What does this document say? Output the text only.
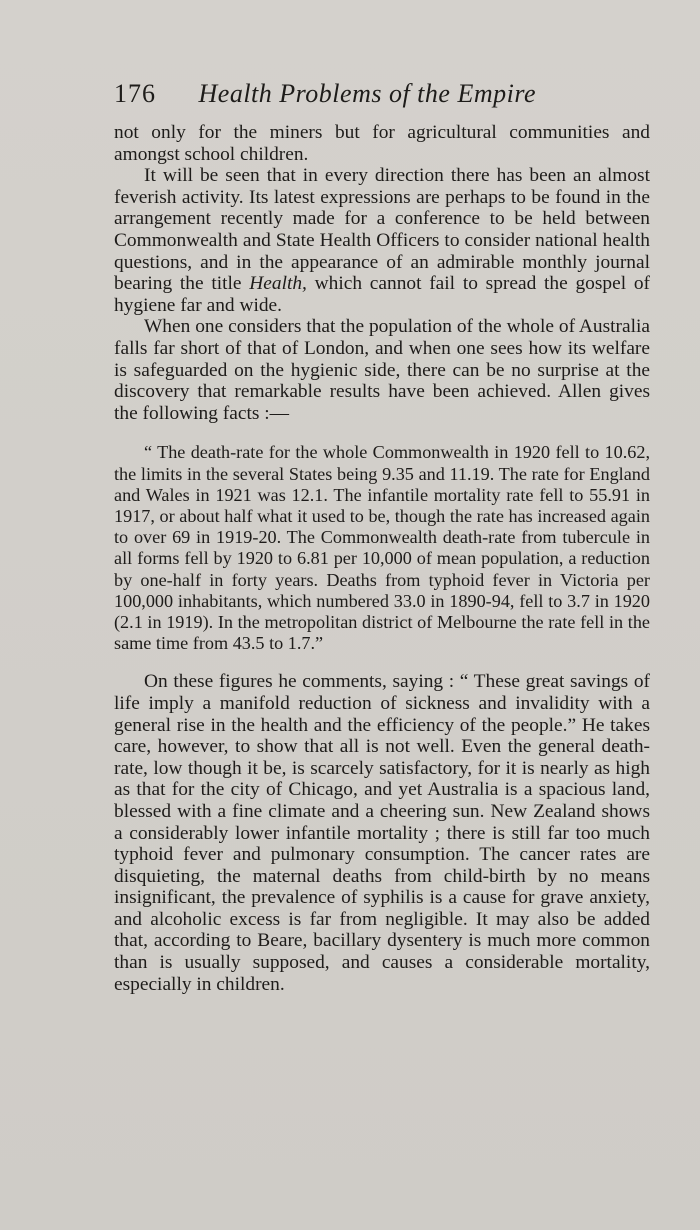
176 Health Problems of the Empire

not only for the miners but for agricultural communities and amongst school children.

It will be seen that in every direction there has been an almost feverish activity. Its latest expressions are perhaps to be found in the arrangement recently made for a conference to be held between Commonwealth and State Health Officers to consider national health questions, and in the appearance of an admirable monthly journal bearing the title Health, which cannot fail to spread the gospel of hygiene far and wide.

When one considers that the population of the whole of Australia falls far short of that of London, and when one sees how its welfare is safeguarded on the hygienic side, there can be no surprise at the discovery that remarkable results have been achieved. Allen gives the following facts :—

“ The death-rate for the whole Commonwealth in 1920 fell to 10.62, the limits in the several States being 9.35 and 11.19. The rate for England and Wales in 1921 was 12.1. The infantile mortality rate fell to 55.91 in 1917, or about half what it used to be, though the rate has increased again to over 69 in 1919-20. The Commonwealth death-rate from tubercule in all forms fell by 1920 to 6.81 per 10,000 of mean population, a reduction by one-half in forty years. Deaths from typhoid fever in Victoria per 100,000 inhabitants, which numbered 33.0 in 1890-94, fell to 3.7 in 1920 (2.1 in 1919). In the metropolitan district of Melbourne the rate fell in the same time from 43.5 to 1.7.”

On these figures he comments, saying : “ These great savings of life imply a manifold reduction of sickness and invalidity with a general rise in the health and the efficiency of the people.” He takes care, however, to show that all is not well. Even the general death-rate, low though it be, is scarcely satisfactory, for it is nearly as high as that for the city of Chicago, and yet Australia is a spacious land, blessed with a fine climate and a cheering sun. New Zealand shows a considerably lower infantile mortality ; there is still far too much typhoid fever and pulmonary consumption. The cancer rates are disquieting, the maternal deaths from child-birth by no means insignificant, the prevalence of syphilis is a cause for grave anxiety, and alcoholic excess is far from negligible. It may also be added that, according to Beare, bacillary dysentery is much more common than is usually supposed, and causes a considerable mortality, especially in children.
